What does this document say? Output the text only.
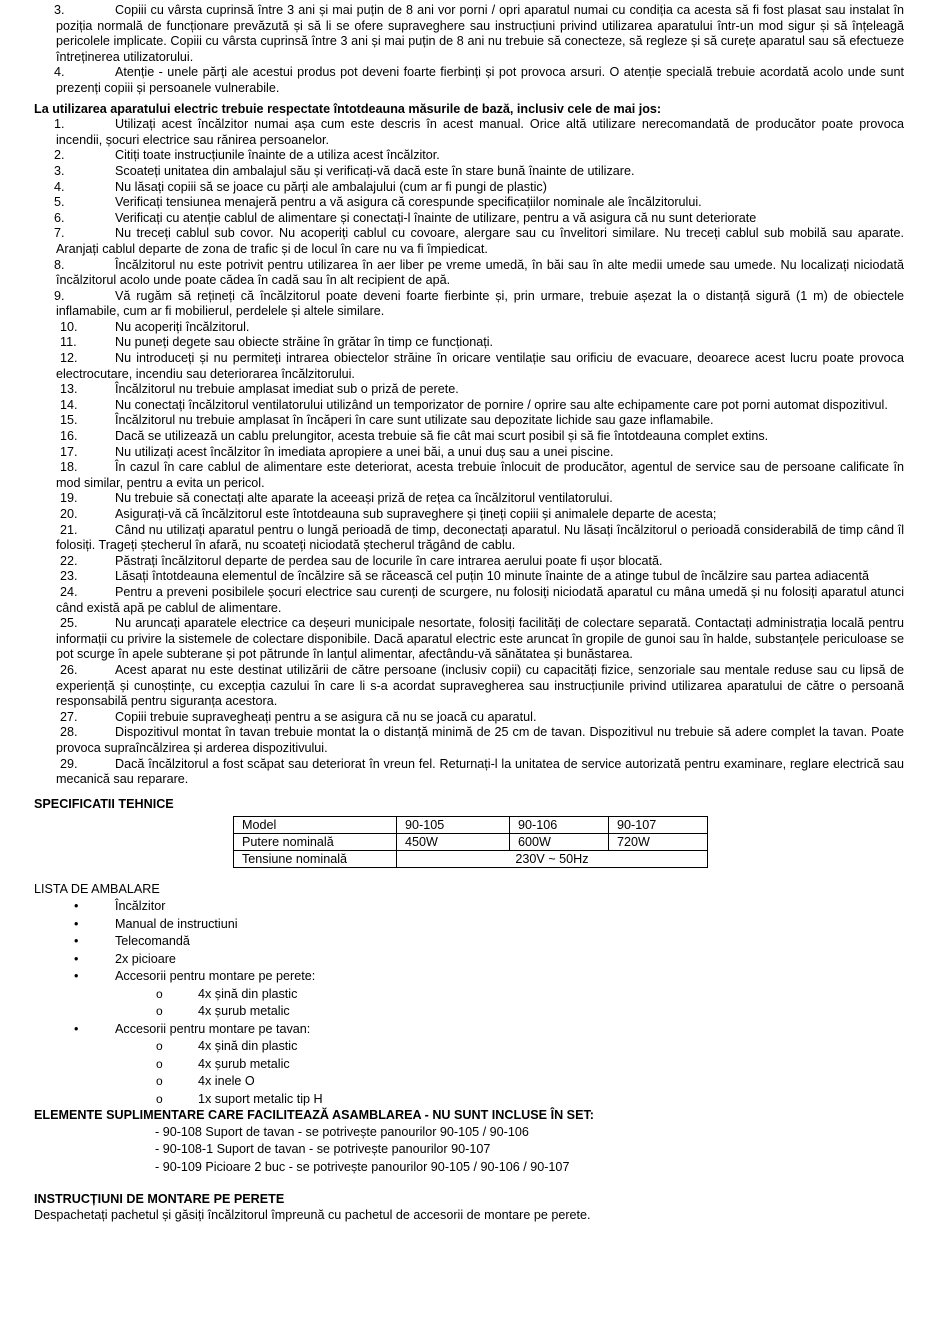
3.	Copiii cu vârsta cuprinsă între 3 ani și mai puțin de 8 ani vor porni / opri aparatul numai cu condiția ca acesta să fi fost plasat sau instalat în poziția normală de funcționare prevăzută și să li se ofere supraveghere sau instrucțiuni privind utilizarea aparatului într-un mod sigur și să înțeleagă pericolele implicate. Copiii cu vârsta cuprinsă între 3 ani și mai puțin de 8 ani nu trebuie să conecteze, să regleze și să curețe aparatul sau să efectueze întreținerea utilizatorului.
4.	Atenție - unele părți ale acestui produs pot deveni foarte fierbinți și pot provoca arsuri. O atenție specială trebuie acordată acolo unde sunt prezenți copiii și persoanele vulnerabile.
La utilizarea aparatului electric trebuie respectate întotdeauna măsurile de bază, inclusiv cele de mai jos:
1.	Utilizați acest încălzitor numai așa cum este descris în acest manual. Orice altă utilizare nerecomandată de producător poate provoca incendii, șocuri electrice sau rănirea persoanelor.
2.	Citiți toate instrucțiunile înainte de a utiliza acest încălzitor.
3.	Scoateți unitatea din ambalajul său și verificați-vă dacă este în stare bună înainte de utilizare.
4.	Nu lăsați copiii să se joace cu părți ale ambalajului (cum ar fi pungi de plastic)
5.	Verificați tensiunea menajeră pentru a vă asigura că corespunde specificațiilor nominale ale încălzitorului.
6.	Verificați cu atenție cablul de alimentare și conectați-l înainte de utilizare, pentru a vă asigura că nu sunt deteriorate
7.	Nu treceți cablul sub covor. Nu acoperiți cablul cu covoare, alergare sau cu învelitori similare. Nu treceți cablul sub mobilă sau aparate. Aranjați cablul departe de zona de trafic și de locul în care nu va fi împiedicat.
8.	Încălzitorul nu este potrivit pentru utilizarea în aer liber pe vreme umedă, în băi sau în alte medii umede sau umede. Nu localizați niciodată încălzitorul acolo unde poate cădea în cadă sau în alt recipient de apă.
9.	Vă rugăm să rețineți că încălzitorul poate deveni foarte fierbinte și, prin urmare, trebuie așezat la o distanță sigură (1 m) de obiectele inflamabile, cum ar fi mobilierul, perdelele și altele similare.
10.	Nu acoperiți încălzitorul.
11.	Nu puneți degete sau obiecte străine în grătar în timp ce funcționați.
12.	Nu introduceți și nu permiteți intrarea obiectelor străine în oricare ventilație sau orificiu de evacuare, deoarece acest lucru poate provoca electrocutare, incendiu sau deteriorarea încălzitorului.
13.	Încălzitorul nu trebuie amplasat imediat sub o priză de perete.
14.	Nu conectați încălzitorul ventilatorului utilizând un temporizator de pornire / oprire sau alte echipamente care pot porni automat dispozitivul.
15.	Încălzitorul nu trebuie amplasat în încăperi în care sunt utilizate sau depozitate lichide sau gaze inflamabile.
16.	Dacă se utilizează un cablu prelungitor, acesta trebuie să fie cât mai scurt posibil și să fie întotdeauna complet extins.
17.	Nu utilizați acest încălzitor în imediata apropiere a unei băi, a unui duș sau a unei piscine.
18.	În cazul în care cablul de alimentare este deteriorat, acesta trebuie înlocuit de producător, agentul de service sau de persoane calificate în mod similar, pentru a evita un pericol.
19.	Nu trebuie să conectați alte aparate la aceeași priză de rețea ca încălzitorul ventilatorului.
20.	Asigurați-vă că încălzitorul este întotdeauna sub supraveghere și țineți copiii și animalele departe de acesta;
21.	Când nu utilizați aparatul pentru o lungă perioadă de timp, deconectați aparatul. Nu lăsați încălzitorul o perioadă considerabilă de timp când îl folosiți. Trageți ștecherul în afară, nu scoateți niciodată ștecherul trăgând de cablu.
22.	Păstrați încălzitorul departe de perdea sau de locurile în care intrarea aerului poate fi ușor blocată.
23.	Lăsați întotdeauna elementul de încălzire să se răcească cel puțin 10 minute înainte de a atinge tubul de încălzire sau partea adiacentă
24.	Pentru a preveni posibilele șocuri electrice sau curenți de scurgere, nu folosiți niciodată aparatul cu mâna umedă și nu folosiți aparatul atunci când există apă pe cablul de alimentare.
25.	Nu aruncați aparatele electrice ca deșeuri municipale nesortate, folosiți facilități de colectare separată. Contactați administrația locală pentru informații cu privire la sistemele de colectare disponibile. Dacă aparatul electric este aruncat în gropile de gunoi sau în halde, substanțele periculoase se pot scurge în apele subterane și pot pătrunde în lanțul alimentar, afectându-vă sănătatea și bunăstarea.
26.	Acest aparat nu este destinat utilizării de către persoane (inclusiv copii) cu capacități fizice, senzoriale sau mentale reduse sau cu lipsă de experiență și cunoștințe, cu excepția cazului în care li s-a acordat supravegherea sau instrucțiunile privind utilizarea aparatului de către o persoană responsabilă pentru siguranța acestora.
27.	Copiii trebuie supravegheați pentru a se asigura că nu se joacă cu aparatul.
28.	Dispozitivul montat în tavan trebuie montat la o distanță minimă de 25 cm de tavan. Dispozitivul nu trebuie să adere complet la tavan. Poate provoca supraîncălzirea și arderea dispozitivului.
29.	Dacă încălzitorul a fost scăpat sau deteriorat în vreun fel. Returnați-l la unitatea de service autorizată pentru examinare, reglare electrică sau mecanică sau reparare.
SPECIFICATII TEHNICE
Model	90-105	90-106	90-107
Putere nominală	450W	600W	720W
Tensiune nominală	230V ~ 50Hz		
LISTA DE AMBALARE
•	Încălzitor
•	Manual de instructiuni
•	Telecomandă
•	2x picioare
•	Accesorii pentru montare pe perete:
o	4x șină din plastic
o	4x șurub metalic
•	Accesorii pentru montare pe tavan:
o	4x șină din plastic
o	4x șurub metalic
o	4x inele O
o	1x suport metalic tip H
ELEMENTE SUPLIMENTARE CARE FACILITEAZĂ ASAMBLAREA - NU SUNT INCLUSE ÎN SET:
- 90-108 Suport de tavan - se potrivește panourilor 90-105 / 90-106
- 90-108-1 Suport de tavan - se potrivește panourilor 90-107
- 90-109 Picioare 2 buc - se potrivește panourilor 90-105 / 90-106 / 90-107
INSTRUCȚIUNI DE MONTARE PE PERETE
Despachetați pachetul și găsiți încălzitorul împreună cu pachetul de accesorii de montare pe perete.
